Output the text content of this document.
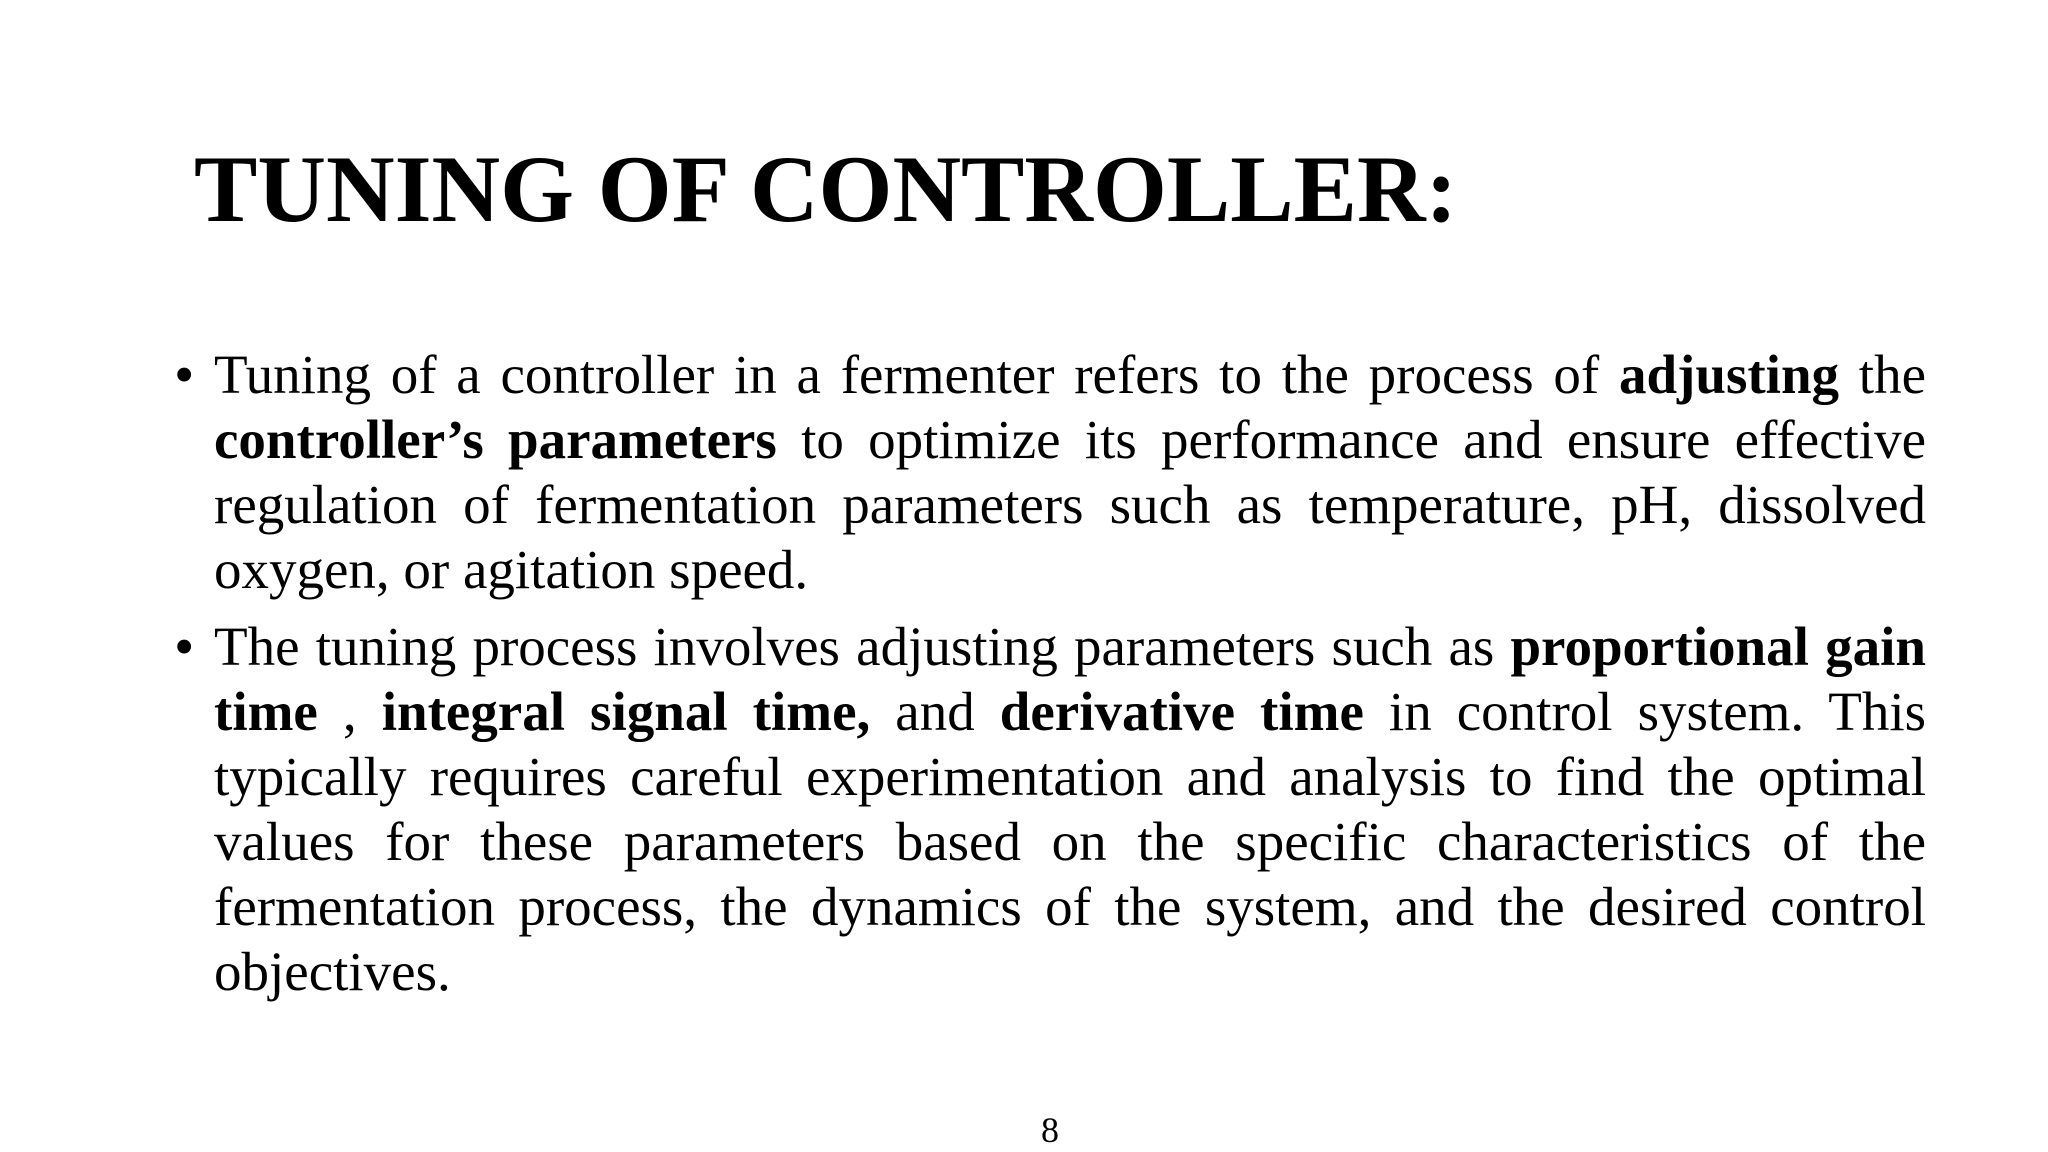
TUNING OF CONTROLLER:
• Tuning of a controller in a fermenter refers to the process of adjusting the controller’s parameters to optimize its performance and ensure effective regulation of fermentation parameters such as temperature, pH, dissolved oxygen, or agitation speed.
• The tuning process involves adjusting parameters such as proportional gain time , integral signal time, and derivative time in control system. This typically requires careful experimentation and analysis to find the optimal values for these parameters based on the specific characteristics of the fermentation process, the dynamics of the system, and the desired control objectives.
8
